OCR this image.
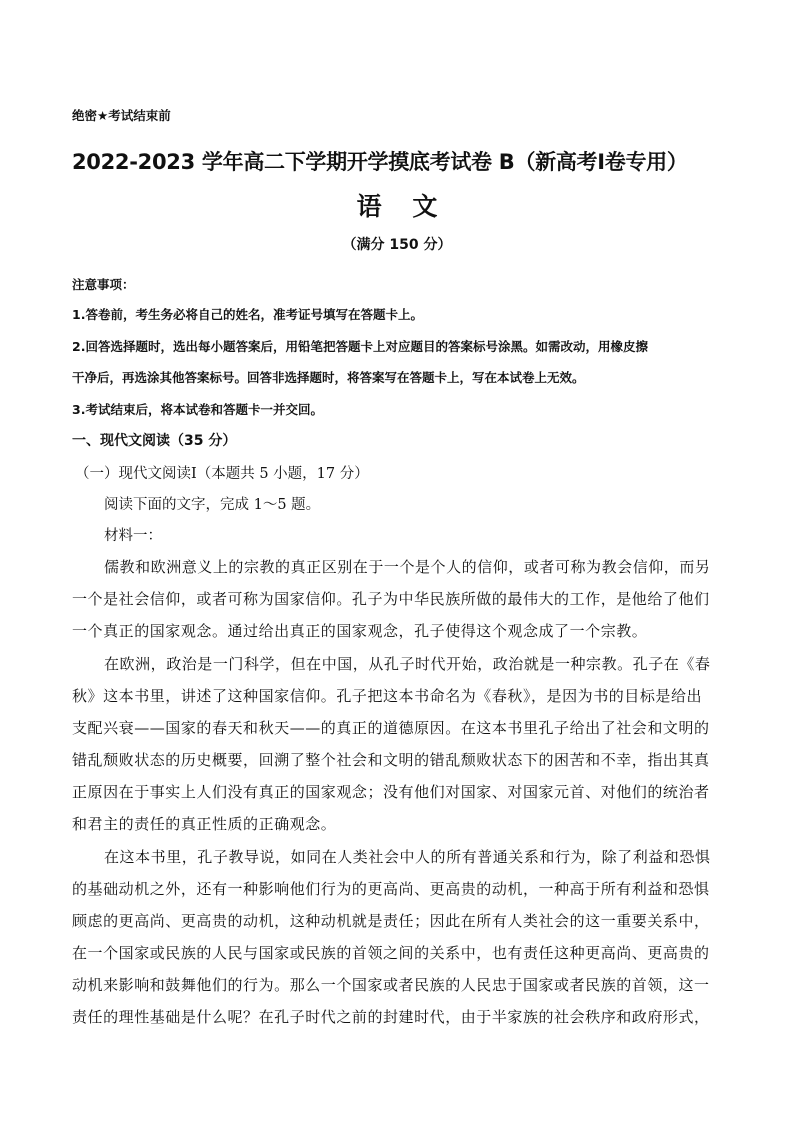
绝密★考试结束前
2022-2023 学年高二下学期开学摸底考试卷 B（新高考Ⅰ卷专用）
语 文
（满分 150 分）
注意事项：
1.答卷前，考生务必将自己的姓名，准考证号填写在答题卡上。
2.回答选择题时，选出每小题答案后，用铅笔把答题卡上对应题目的答案标号涂黑。如需改动，用橡皮擦
干净后，再选涂其他答案标号。回答非选择题时，将答案写在答题卡上，写在本试卷上无效。
3.考试结束后，将本试卷和答题卡一并交回。
一、现代文阅读（35 分）
（一）现代文阅读Ⅰ（本题共 5 小题，17 分）
阅读下面的文字，完成 1～5 题。
材料一：
儒教和欧洲意义上的宗教的真正区别在于一个是个人的信仰，或者可称为教会信仰，而另
一个是社会信仰，或者可称为国家信仰。孔子为中华民族所做的最伟大的工作，是他给了他们
一个真正的国家观念。通过给出真正的国家观念，孔子使得这个观念成了一个宗教。
在欧洲，政治是一门科学，但在中国，从孔子时代开始，政治就是一种宗教。孔子在《春
秋》这本书里，讲述了这种国家信仰。孔子把这本书命名为《春秋》，是因为书的目标是给出
支配兴衰——国家的春天和秋天——的真正的道德原因。在这本书里孔子给出了社会和文明的
错乱颓败状态的历史概要，回溯了整个社会和文明的错乱颓败状态下的困苦和不幸，指出其真
正原因在于事实上人们没有真正的国家观念；没有他们对国家、对国家元首、对他们的统治者
和君主的责任的真正性质的正确观念。
在这本书里，孔子教导说，如同在人类社会中人的所有普通关系和行为，除了利益和恐惧
的基础动机之外，还有一种影响他们行为的更高尚、更高贵的动机，一种高于所有利益和恐惧
顾虑的更高尚、更高贵的动机，这种动机就是责任；因此在所有人类社会的这一重要关系中，
在一个国家或民族的人民与国家或民族的首领之间的关系中，也有责任这种更高尚、更高贵的
动机来影响和鼓舞他们的行为。那么一个国家或者民族的人民忠于国家或者民族的首领，这一
责任的理性基础是什么呢？在孔子时代之前的封建时代，由于半家族的社会秩序和政府形式，
